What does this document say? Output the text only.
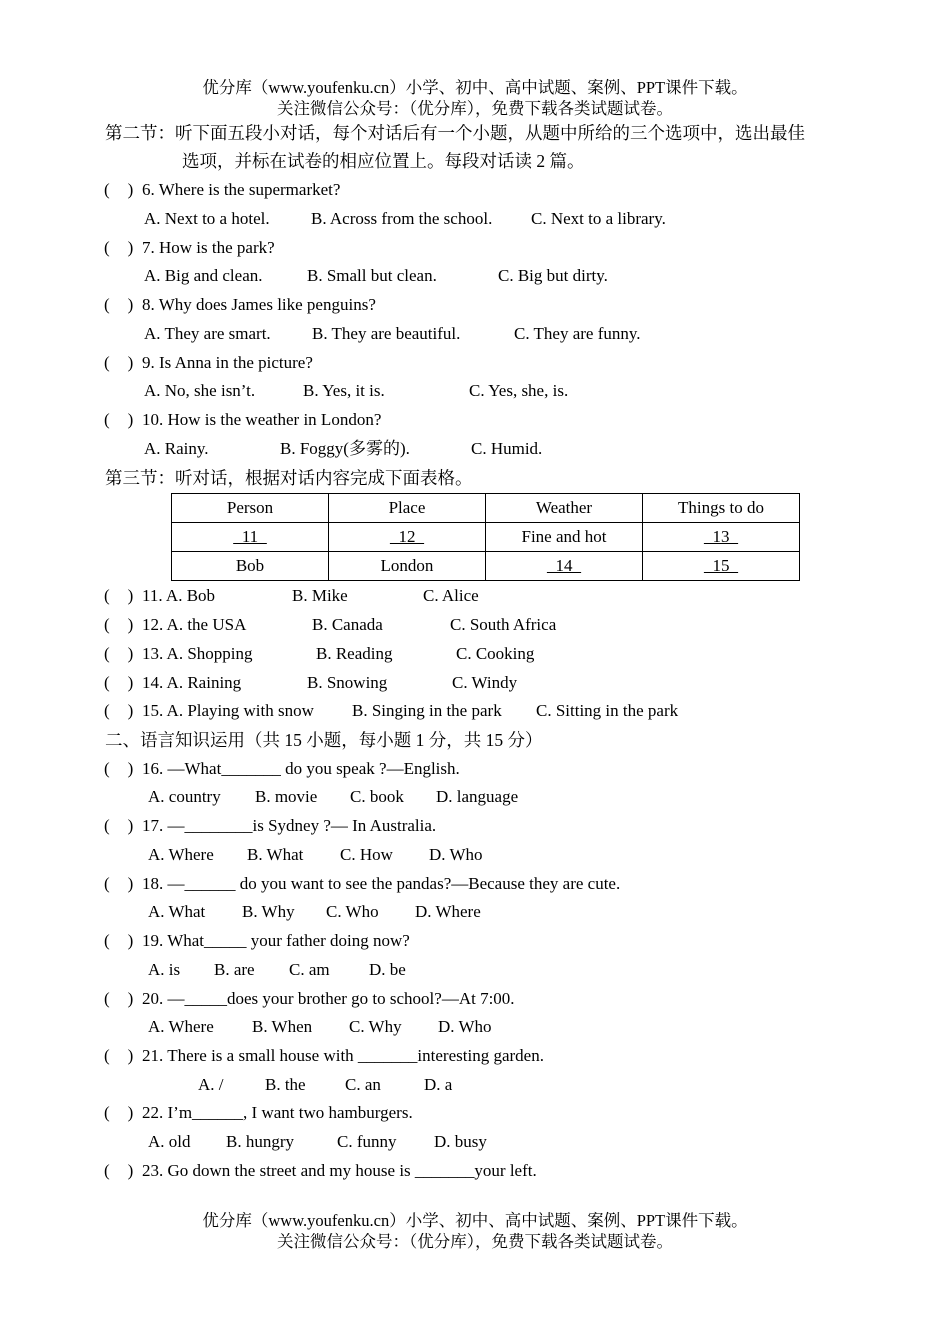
优分库（www.youfenku.cn）小学、初中、高中试题、案例、PPT课件下载。
关注微信公众号：（优分库），免费下载各类试题试卷。
第二节：听下面五段小对话，每个对话后有一个小题，从题中所给的三个选项中，选出最佳
选项，并标在试卷的相应位置上。每段对话读 2 篇。
(  )6. Where is the supermarket?
A. Next to a hotel. B. Across from the school. C. Next to a library.
(  )7. How is the park?
A. Big and clean.	B. Small but clean.	C. Big but dirty.
(  )8. Why does James like penguins?
A. They are smart. B. They are beautiful.	C. They are funny.
(  )9. Is Anna in the picture?
A. No, she isn’t.	B. Yes, it is.	C. Yes, she, is.
(  )10. How is the weather in London?
A. Rainy.	B. Foggy(多雾的).	C. Humid.
第三节：听对话，根据对话内容完成下面表格。
Person	Place	Weather	Things to do
_11_	_12_	Fine and hot	_13_
Bob	London	_14_	_15_
(  )11. A. Bob	B. Mike	C. Alice
(  )12. A. the USA	B. Canada	C. South Africa
(  )13. A. Shopping	B. Reading	C. Cooking
(  )14. A. Raining	B. Snowing	C. Windy
(  )15. A. Playing with snow B. Singing in the park C. Sitting in the park
二、语言知识运用（共 15 小题，每小题 1 分，共 15 分）
(  )16. —What_______ do you speak ?—English.
A. country B. movie C. book D. language
(  )17. —________is Sydney ?— In Australia.
A. Where B. What C. How D. Who
(  )18. —______ do you want to see the pandas?—Because they are cute.
A. What B. Why C. Who D. Where
(  )19. What_____ your father doing now?
A. is B. are C. am D. be
(  )20. —_____does your brother go to school?—At 7:00.
A. Where B. When C. Why D. Who
(  )21. There is a small house with _______interesting garden.
A. / B. the C. an	D. a
(  )22. I’m______, I want two hamburgers.
A. old B. hungry	C. funny D. busy
(  )23. Go down the street and my house is _______your left.
优分库（www.youfenku.cn）小学、初中、高中试题、案例、PPT课件下载。
关注微信公众号：（优分库），免费下载各类试题试卷。
